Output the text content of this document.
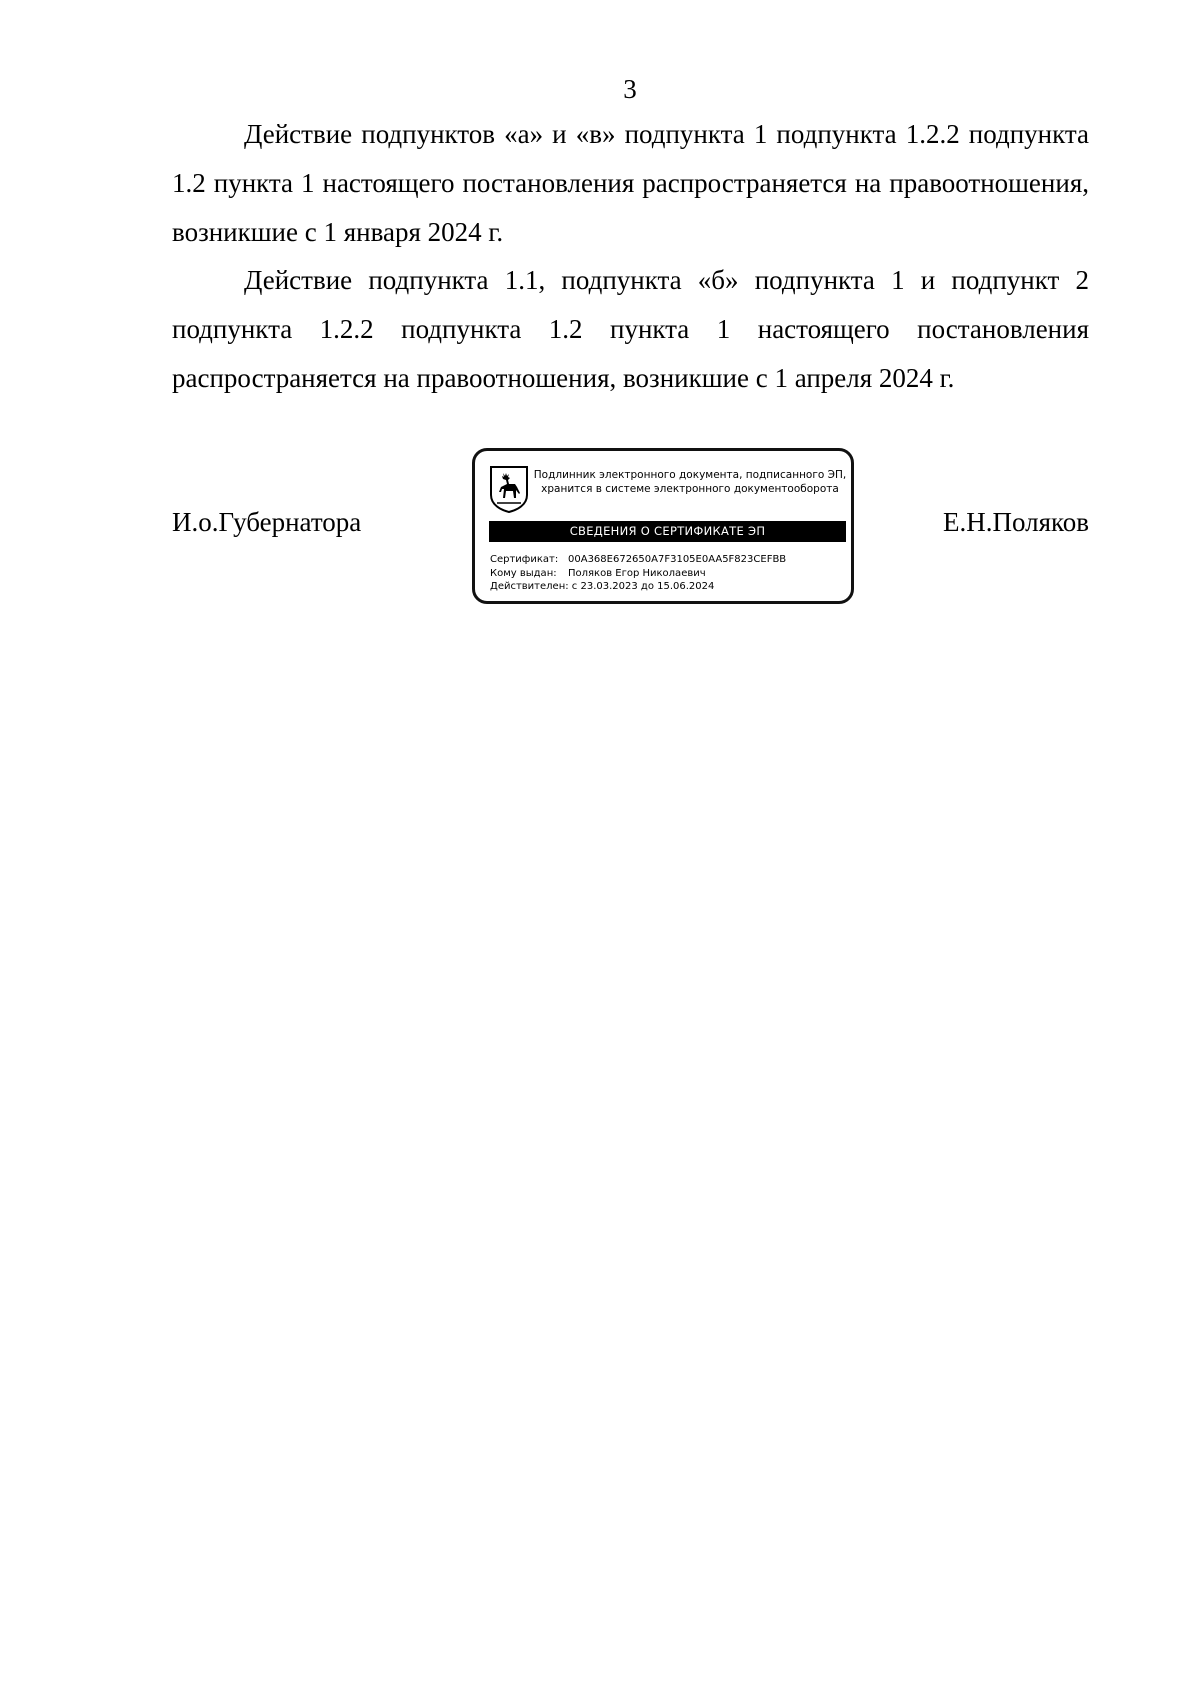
3

Действие подпунктов «а» и «в» подпункта 1 подпункта 1.2.2 подпункта 1.2 пункта 1 настоящего постановления распространяется на правоотношения, возникшие с 1 января 2024 г.

Действие подпункта 1.1, подпункта «б» подпункта 1 и подпункт 2 подпункта 1.2.2 подпункта 1.2 пункта 1 настоящего постановления распространяется на правоотношения, возникшие с 1 апреля 2024 г.

И.о.Губернатора
Подлинник электронного документа, подписанного ЭП,
хранится в системе электронного документооборота
СВЕДЕНИЯ О СЕРТИФИКАТЕ ЭП
Сертификат: 00A368E672650A7F3105E0AA5F823CEFBB
Кому выдан: Поляков Егор Николаевич
Действителен: с 23.03.2023 до 15.06.2024
Е.Н.Поляков
